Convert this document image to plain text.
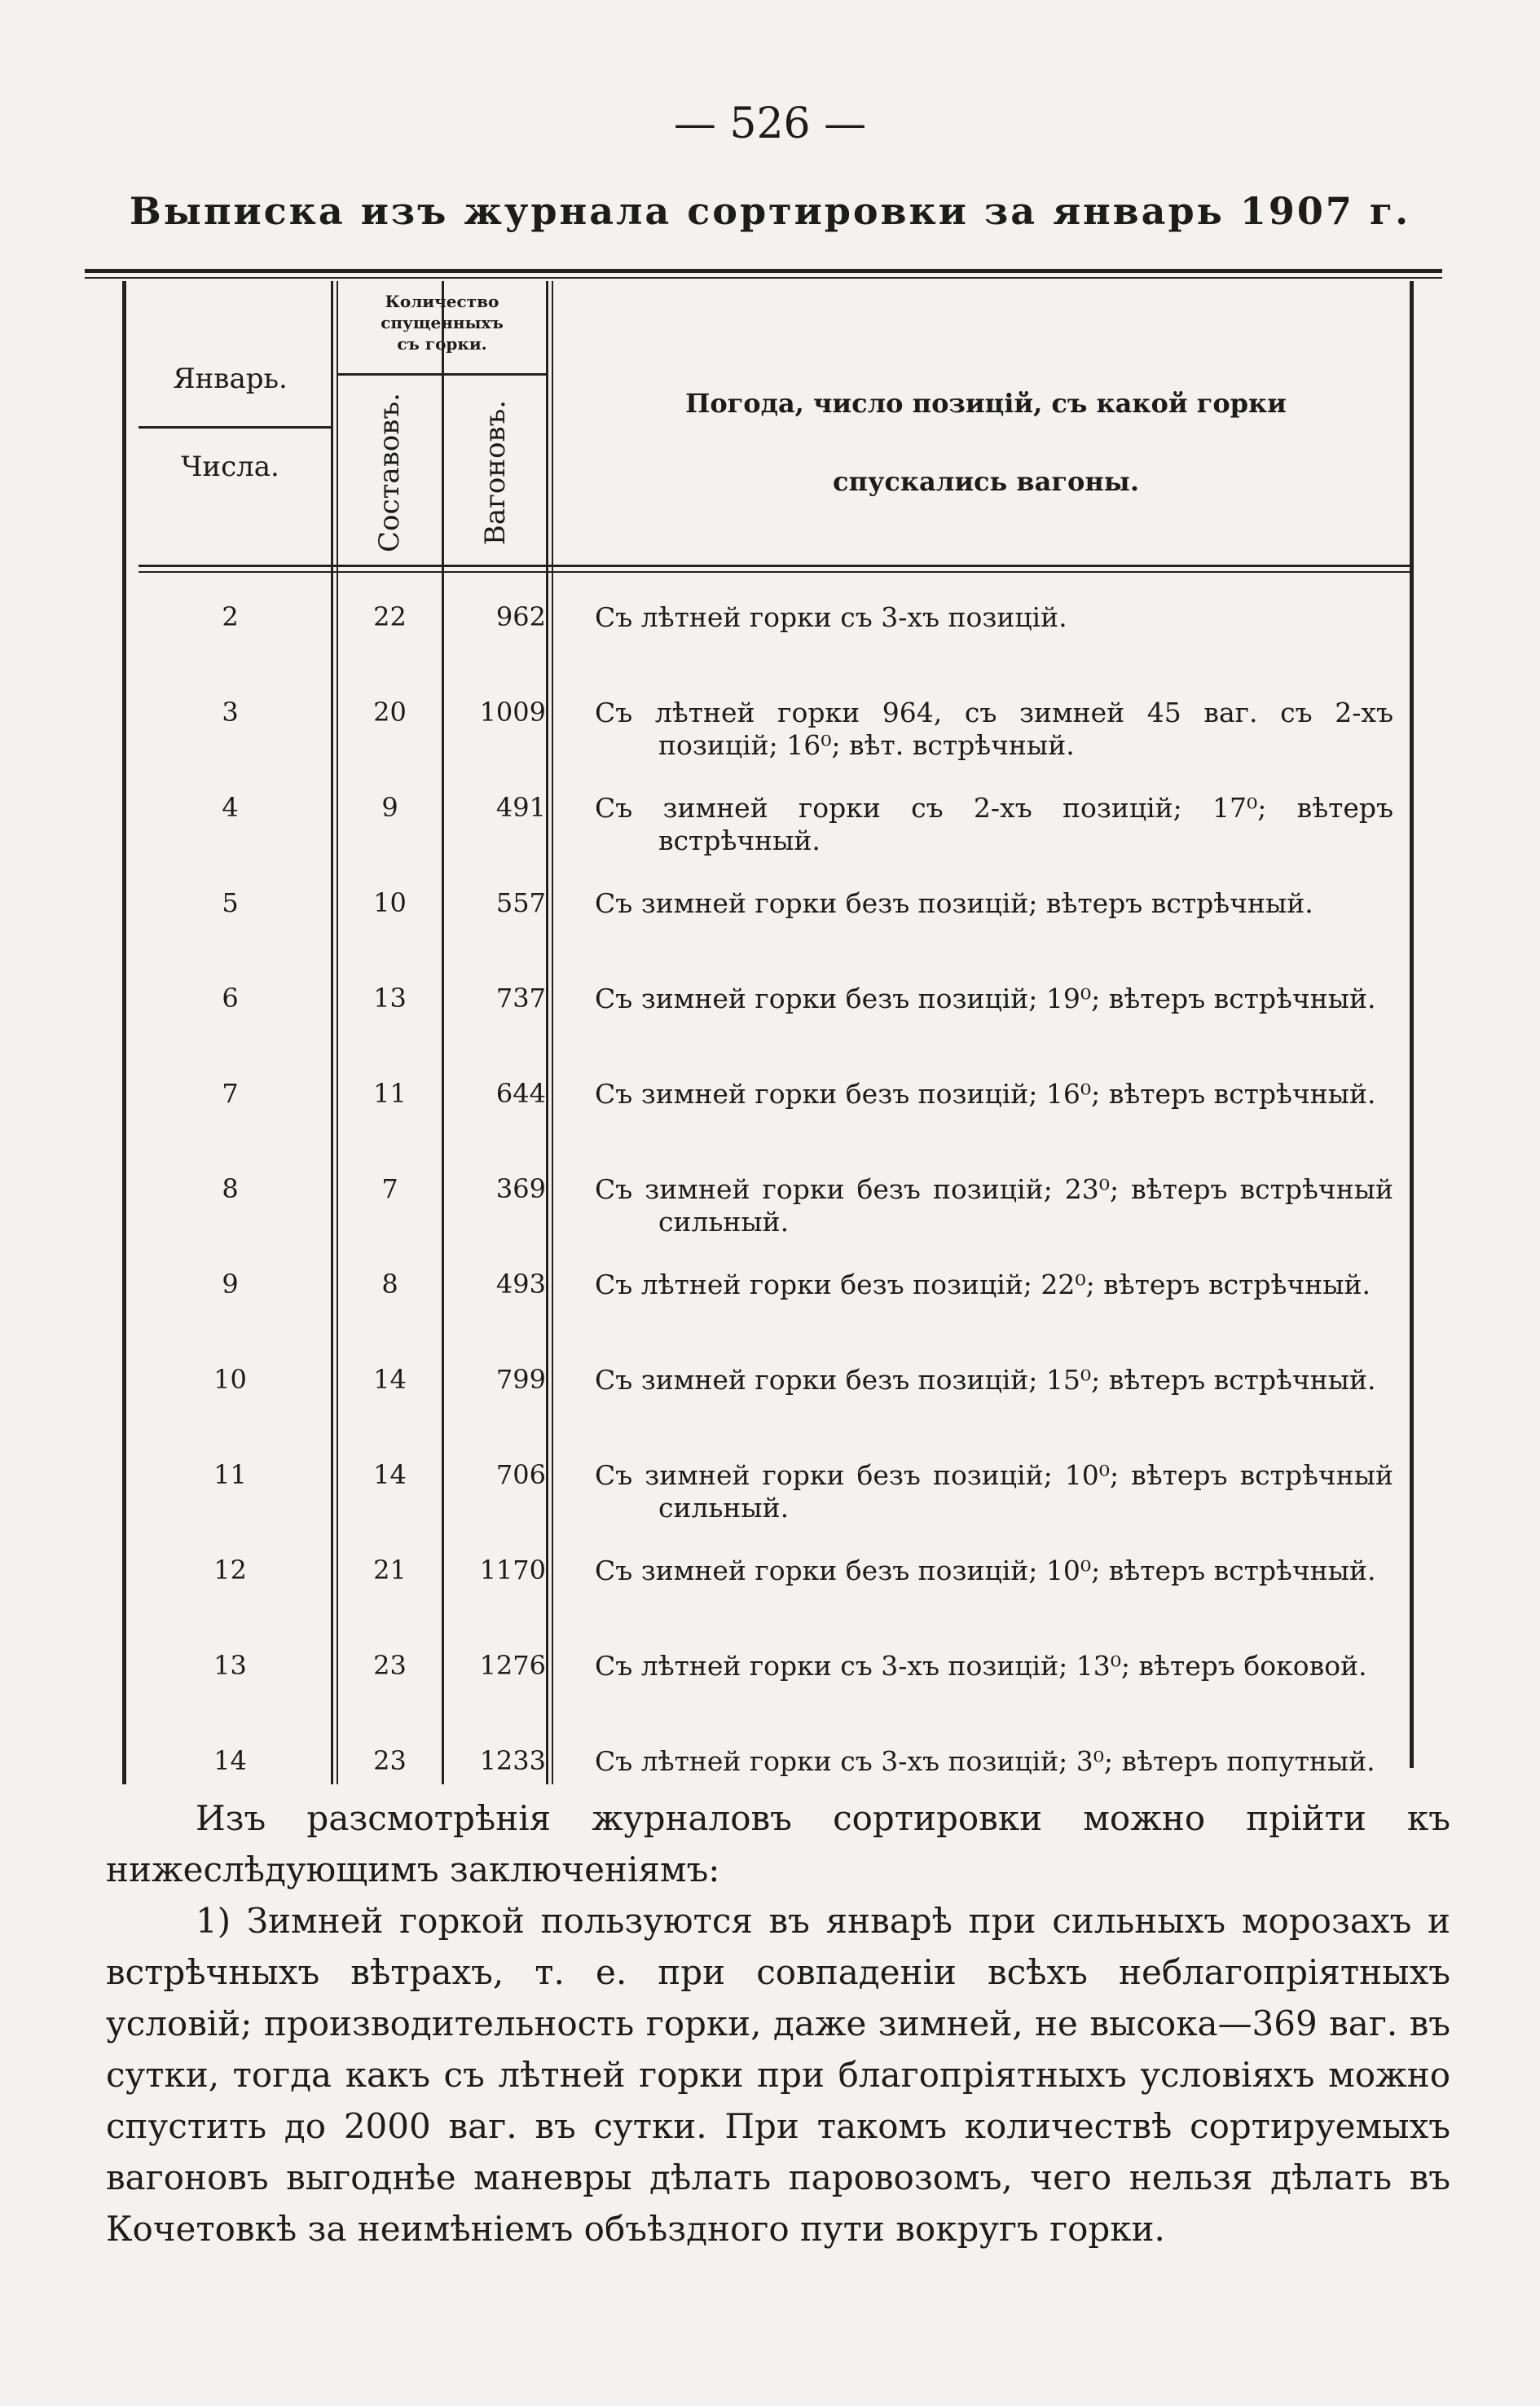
— 526 —
Выписка изъ журнала сортировки за январь 1907 г.
Январь.
Числа.
Количество
спущенныхъ
съ горки.
Составовъ.	Вагоновъ.	Погода, число позицій, съ какой горки
спускались вагоны.
2	22	962 Съ лѣтней горки съ 3-хъ позицій.
3	20	1009 Съ лѣтней горки 964, съ зимней 45 ваг. съ 2-хъ позицій; 16⁰; вѣт. встрѣчный.
4	9	491 Съ зимней горки съ 2-хъ позицій; 17⁰; вѣтеръ встрѣчный.
5	10	557 Съ зимней горки безъ позицій; вѣтеръ встрѣчный.
6	13	737 Съ зимней горки безъ позицій; 19⁰; вѣтеръ встрѣчный.
7	11	644 Съ зимней горки безъ позицій; 16⁰; вѣтеръ встрѣчный.
8	7	369 Съ зимней горки безъ позицій; 23⁰; вѣтеръ встрѣчный сильный.
9	8	493 Съ лѣтней горки безъ позицій; 22⁰; вѣтеръ встрѣчный.
10	14	799 Съ зимней горки безъ позицій; 15⁰; вѣтеръ встрѣчный.
11	14	706 Съ зимней горки безъ позицій; 10⁰; вѣтеръ встрѣчный сильный.
12	21	1170 Съ зимней горки безъ позицій; 10⁰; вѣтеръ встрѣчный.
13	23	1276 Съ лѣтней горки съ 3-хъ позицій; 13⁰; вѣтеръ боковой.
14	23	1233 Съ лѣтней горки съ 3-хъ позицій; 3⁰; вѣтеръ попутный.

Изъ разсмотрѣнія журналовъ сортировки можно прійти къ нижеслѣдующимъ заключеніямъ:

1) Зимней горкой пользуются въ январѣ при сильныхъ морозахъ и встрѣчныхъ вѣтрахъ, т. е. при совпаденіи всѣхъ неблагопріятныхъ условій; производительность горки, даже зимней, не высока—369 ваг. въ сутки, тогда какъ съ лѣтней горки при благопріятныхъ условіяхъ можно спустить до 2000 ваг. въ сутки. При такомъ количествѣ сортируемыхъ вагоновъ выгоднѣе маневры дѣлать паровозомъ, чего нельзя дѣлать въ Кочетовкѣ за неимѣніемъ объѣздного пути вокругъ горки.
